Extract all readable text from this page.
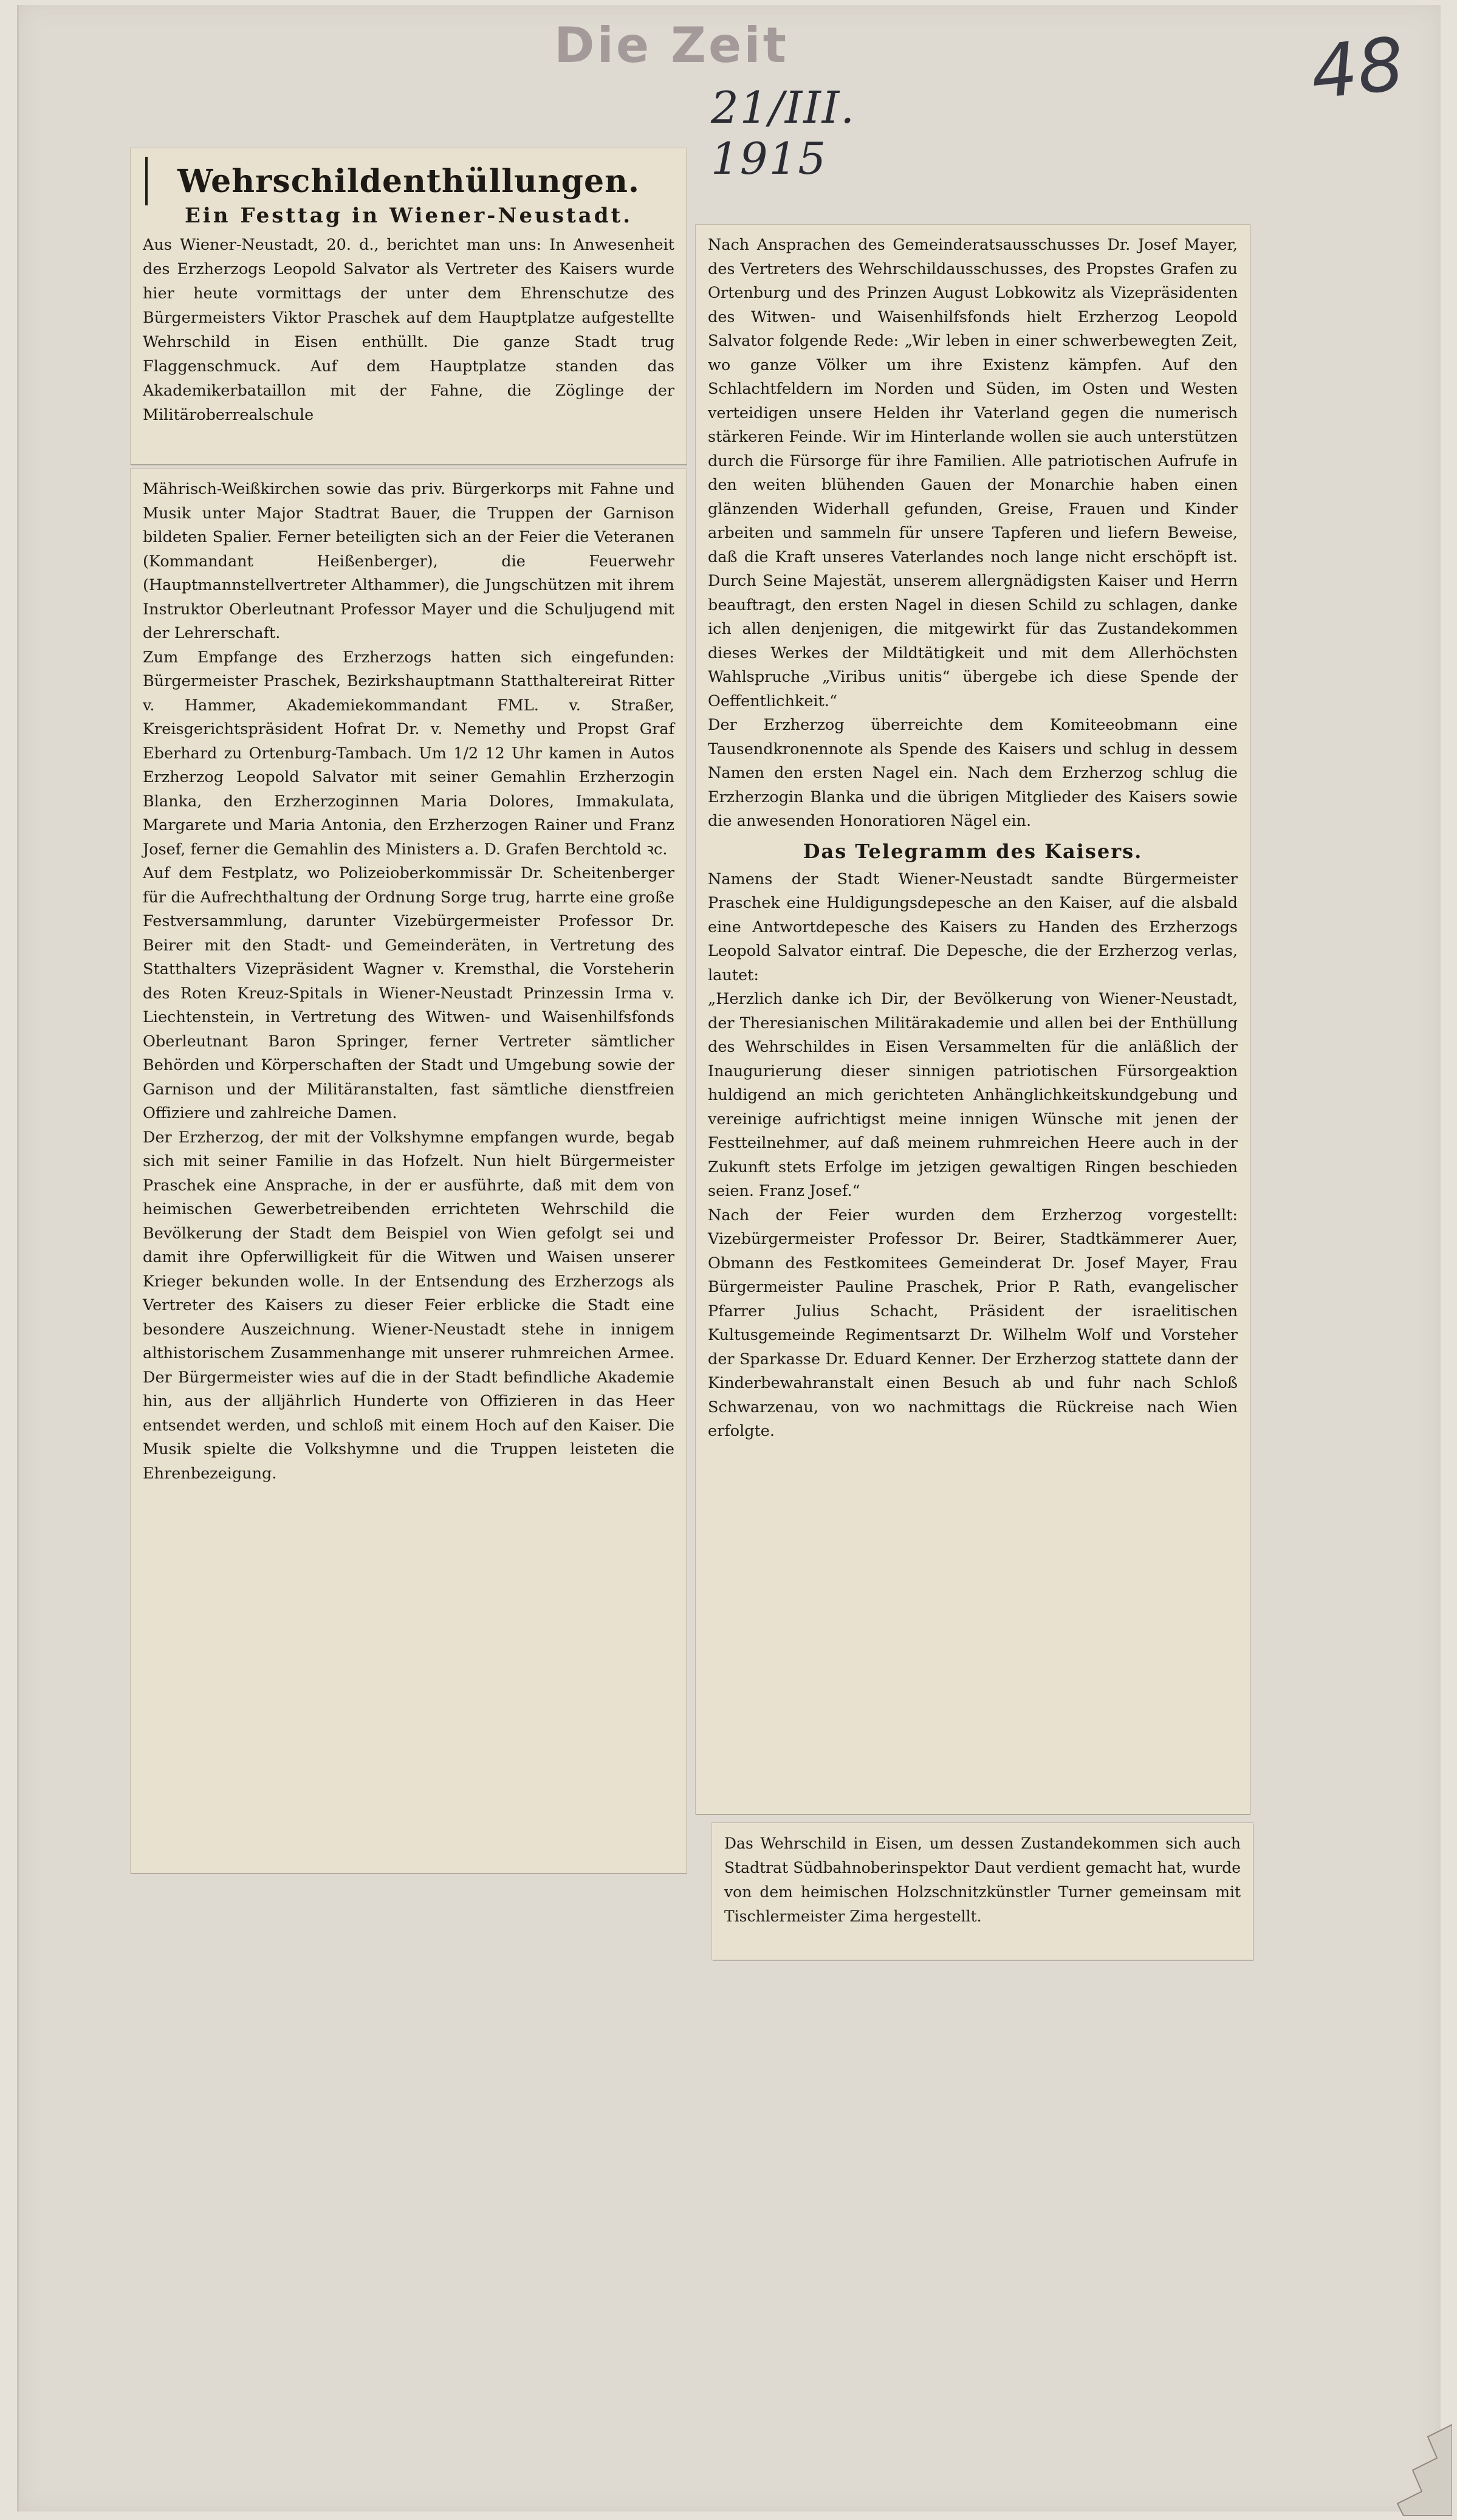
Die Zeit
21/III. 1915
48
Wehrschildenthüllungen.
Ein Festtag in Wiener-Neustadt.
Aus Wiener-Neustadt, 20. d., berichtet man uns: In Anwesenheit des Erzherzogs Leopold Salvator als Vertreter des Kaisers wurde hier heute vormittags der unter dem Ehrenschutze des Bürgermeisters Viktor Praschek auf dem Hauptplatze aufgestellte Wehrschild in Eisen enthüllt. Die ganze Stadt trug Flaggenschmuck. Auf dem Hauptplatze standen das Akademikerbataillon mit der Fahne, die Zöglinge der Militäroberrealschule
Mährisch-Weißkirchen sowie das priv. Bürgerkorps mit Fahne und Musik unter Major Stadtrat Bauer, die Truppen der Garnison bildeten Spalier. Ferner beteiligten sich an der Feier die Veteranen (Kommandant Heißenberger), die Feuerwehr (Hauptmannstellvertreter Althammer), die Jungschützen mit ihrem Instruktor Oberleutnant Professor Mayer und die Schuljugend mit der Lehrerschaft.
Zum Empfange des Erzherzogs hatten sich eingefunden: Bürgermeister Praschek, Bezirkshauptmann Statthaltereirat Ritter v. Hammer, Akademiekommandant FML. v. Straßer, Kreisgerichtspräsident Hofrat Dr. v. Nemethy und Propst Graf Eberhard zu Ortenburg-Tambach. Um 1/2 12 Uhr kamen in Autos Erzherzog Leopold Salvator mit seiner Gemahlin Erzherzogin Blanka, den Erzherzoginnen Maria Dolores, Immakulata, Margarete und Maria Antonia, den Erzherzogen Rainer und Franz Josef, ferner die Gemahlin des Ministers a. D. Grafen Berchtold ꝛc.
Auf dem Festplatz, wo Polizeioberkommissär Dr. Scheitenberger für die Aufrechthaltung der Ordnung Sorge trug, harrte eine große Festversammlung, darunter Vizebürgermeister Professor Dr. Beirer mit den Stadt- und Gemeinderäten, in Vertretung des Statthalters Vizepräsident Wagner v. Kremsthal, die Vorsteherin des Roten Kreuz-Spitals in Wiener-Neustadt Prinzessin Irma v. Liechtenstein, in Vertretung des Witwen- und Waisenhilfsfonds Oberleutnant Baron Springer, ferner Vertreter sämtlicher Behörden und Körperschaften der Stadt und Umgebung sowie der Garnison und der Militäranstalten, fast sämtliche dienstfreien Offiziere und zahlreiche Damen.
Der Erzherzog, der mit der Volkshymne empfangen wurde, begab sich mit seiner Familie in das Hofzelt. Nun hielt Bürgermeister Praschek eine Ansprache, in der er ausführte, daß mit dem von heimischen Gewerbetreibenden errichteten Wehrschild die Bevölkerung der Stadt dem Beispiel von Wien gefolgt sei und damit ihre Opferwilligkeit für die Witwen und Waisen unserer Krieger bekunden wolle. In der Entsendung des Erzherzogs als Vertreter des Kaisers zu dieser Feier erblicke die Stadt eine besondere Auszeichnung. Wiener-Neustadt stehe in innigem althistorischem Zusammenhange mit unserer ruhmreichen Armee. Der Bürgermeister wies auf die in der Stadt befindliche Akademie hin, aus der alljährlich Hunderte von Offizieren in das Heer entsendet werden, und schloß mit einem Hoch auf den Kaiser. Die Musik spielte die Volkshymne und die Truppen leisteten die Ehrenbezeigung.
Nach Ansprachen des Gemeinderatsausschusses Dr. Josef Mayer, des Vertreters des Wehrschildausschusses, des Propstes Grafen zu Ortenburg und des Prinzen August Lobkowitz als Vizepräsidenten des Witwen- und Waisenhilfsfonds hielt Erzherzog Leopold Salvator folgende Rede: „Wir leben in einer schwerbewegten Zeit, wo ganze Völker um ihre Existenz kämpfen. Auf den Schlachtfeldern im Norden und Süden, im Osten und Westen verteidigen unsere Helden ihr Vaterland gegen die numerisch stärkeren Feinde. Wir im Hinterlande wollen sie auch unterstützen durch die Fürsorge für ihre Familien. Alle patriotischen Aufrufe in den weiten blühenden Gauen der Monarchie haben einen glänzenden Widerhall gefunden, Greise, Frauen und Kinder arbeiten und sammeln für unsere Tapferen und liefern Beweise, daß die Kraft unseres Vaterlandes noch lange nicht erschöpft ist. Durch Seine Majestät, unserem allergnädigsten Kaiser und Herrn beauftragt, den ersten Nagel in diesen Schild zu schlagen, danke ich allen denjenigen, die mitgewirkt für das Zustandekommen dieses Werkes der Mildtätigkeit und mit dem Allerhöchsten Wahlspruche „Viribus unitis“ übergebe ich diese Spende der Oeffentlichkeit.“
Der Erzherzog überreichte dem Komiteeobmann eine Tausendkronennote als Spende des Kaisers und schlug in dessem Namen den ersten Nagel ein. Nach dem Erzherzog schlug die Erzherzogin Blanka und die übrigen Mitglieder des Kaisers sowie die anwesenden Honoratioren Nägel ein.
Das Telegramm des Kaisers.
Namens der Stadt Wiener-Neustadt sandte Bürgermeister Praschek eine Huldigungsdepesche an den Kaiser, auf die alsbald eine Antwortdepesche des Kaisers zu Handen des Erzherzogs Leopold Salvator eintraf. Die Depesche, die der Erzherzog verlas, lautet:
„Herzlich danke ich Dir, der Bevölkerung von Wiener-Neustadt, der Theresianischen Militärakademie und allen bei der Enthüllung des Wehrschildes in Eisen Versammelten für die anläßlich der Inaugurierung dieser sinnigen patriotischen Fürsorgeaktion huldigend an mich gerichteten Anhänglichkeitskundgebung und vereinige aufrichtigst meine innigen Wünsche mit jenen der Festteilnehmer, auf daß meinem ruhmreichen Heere auch in der Zukunft stets Erfolge im jetzigen gewaltigen Ringen beschieden seien. Franz Josef.“
Nach der Feier wurden dem Erzherzog vorgestellt: Vizebürgermeister Professor Dr. Beirer, Stadtkämmerer Auer, Obmann des Festkomitees Gemeinderat Dr. Josef Mayer, Frau Bürgermeister Pauline Praschek, Prior P. Rath, evangelischer Pfarrer Julius Schacht, Präsident der israelitischen Kultusgemeinde Regimentsarzt Dr. Wilhelm Wolf und Vorsteher der Sparkasse Dr. Eduard Kenner. Der Erzherzog stattete dann der Kinderbewahranstalt einen Besuch ab und fuhr nach Schloß Schwarzenau, von wo nachmittags die Rückreise nach Wien erfolgte.
Das Wehrschild in Eisen, um dessen Zustandekommen sich auch Stadtrat Südbahnoberinspektor Daut verdient gemacht hat, wurde von dem heimischen Holzschnitzkünstler Turner gemeinsam mit Tischlermeister Zima hergestellt.
